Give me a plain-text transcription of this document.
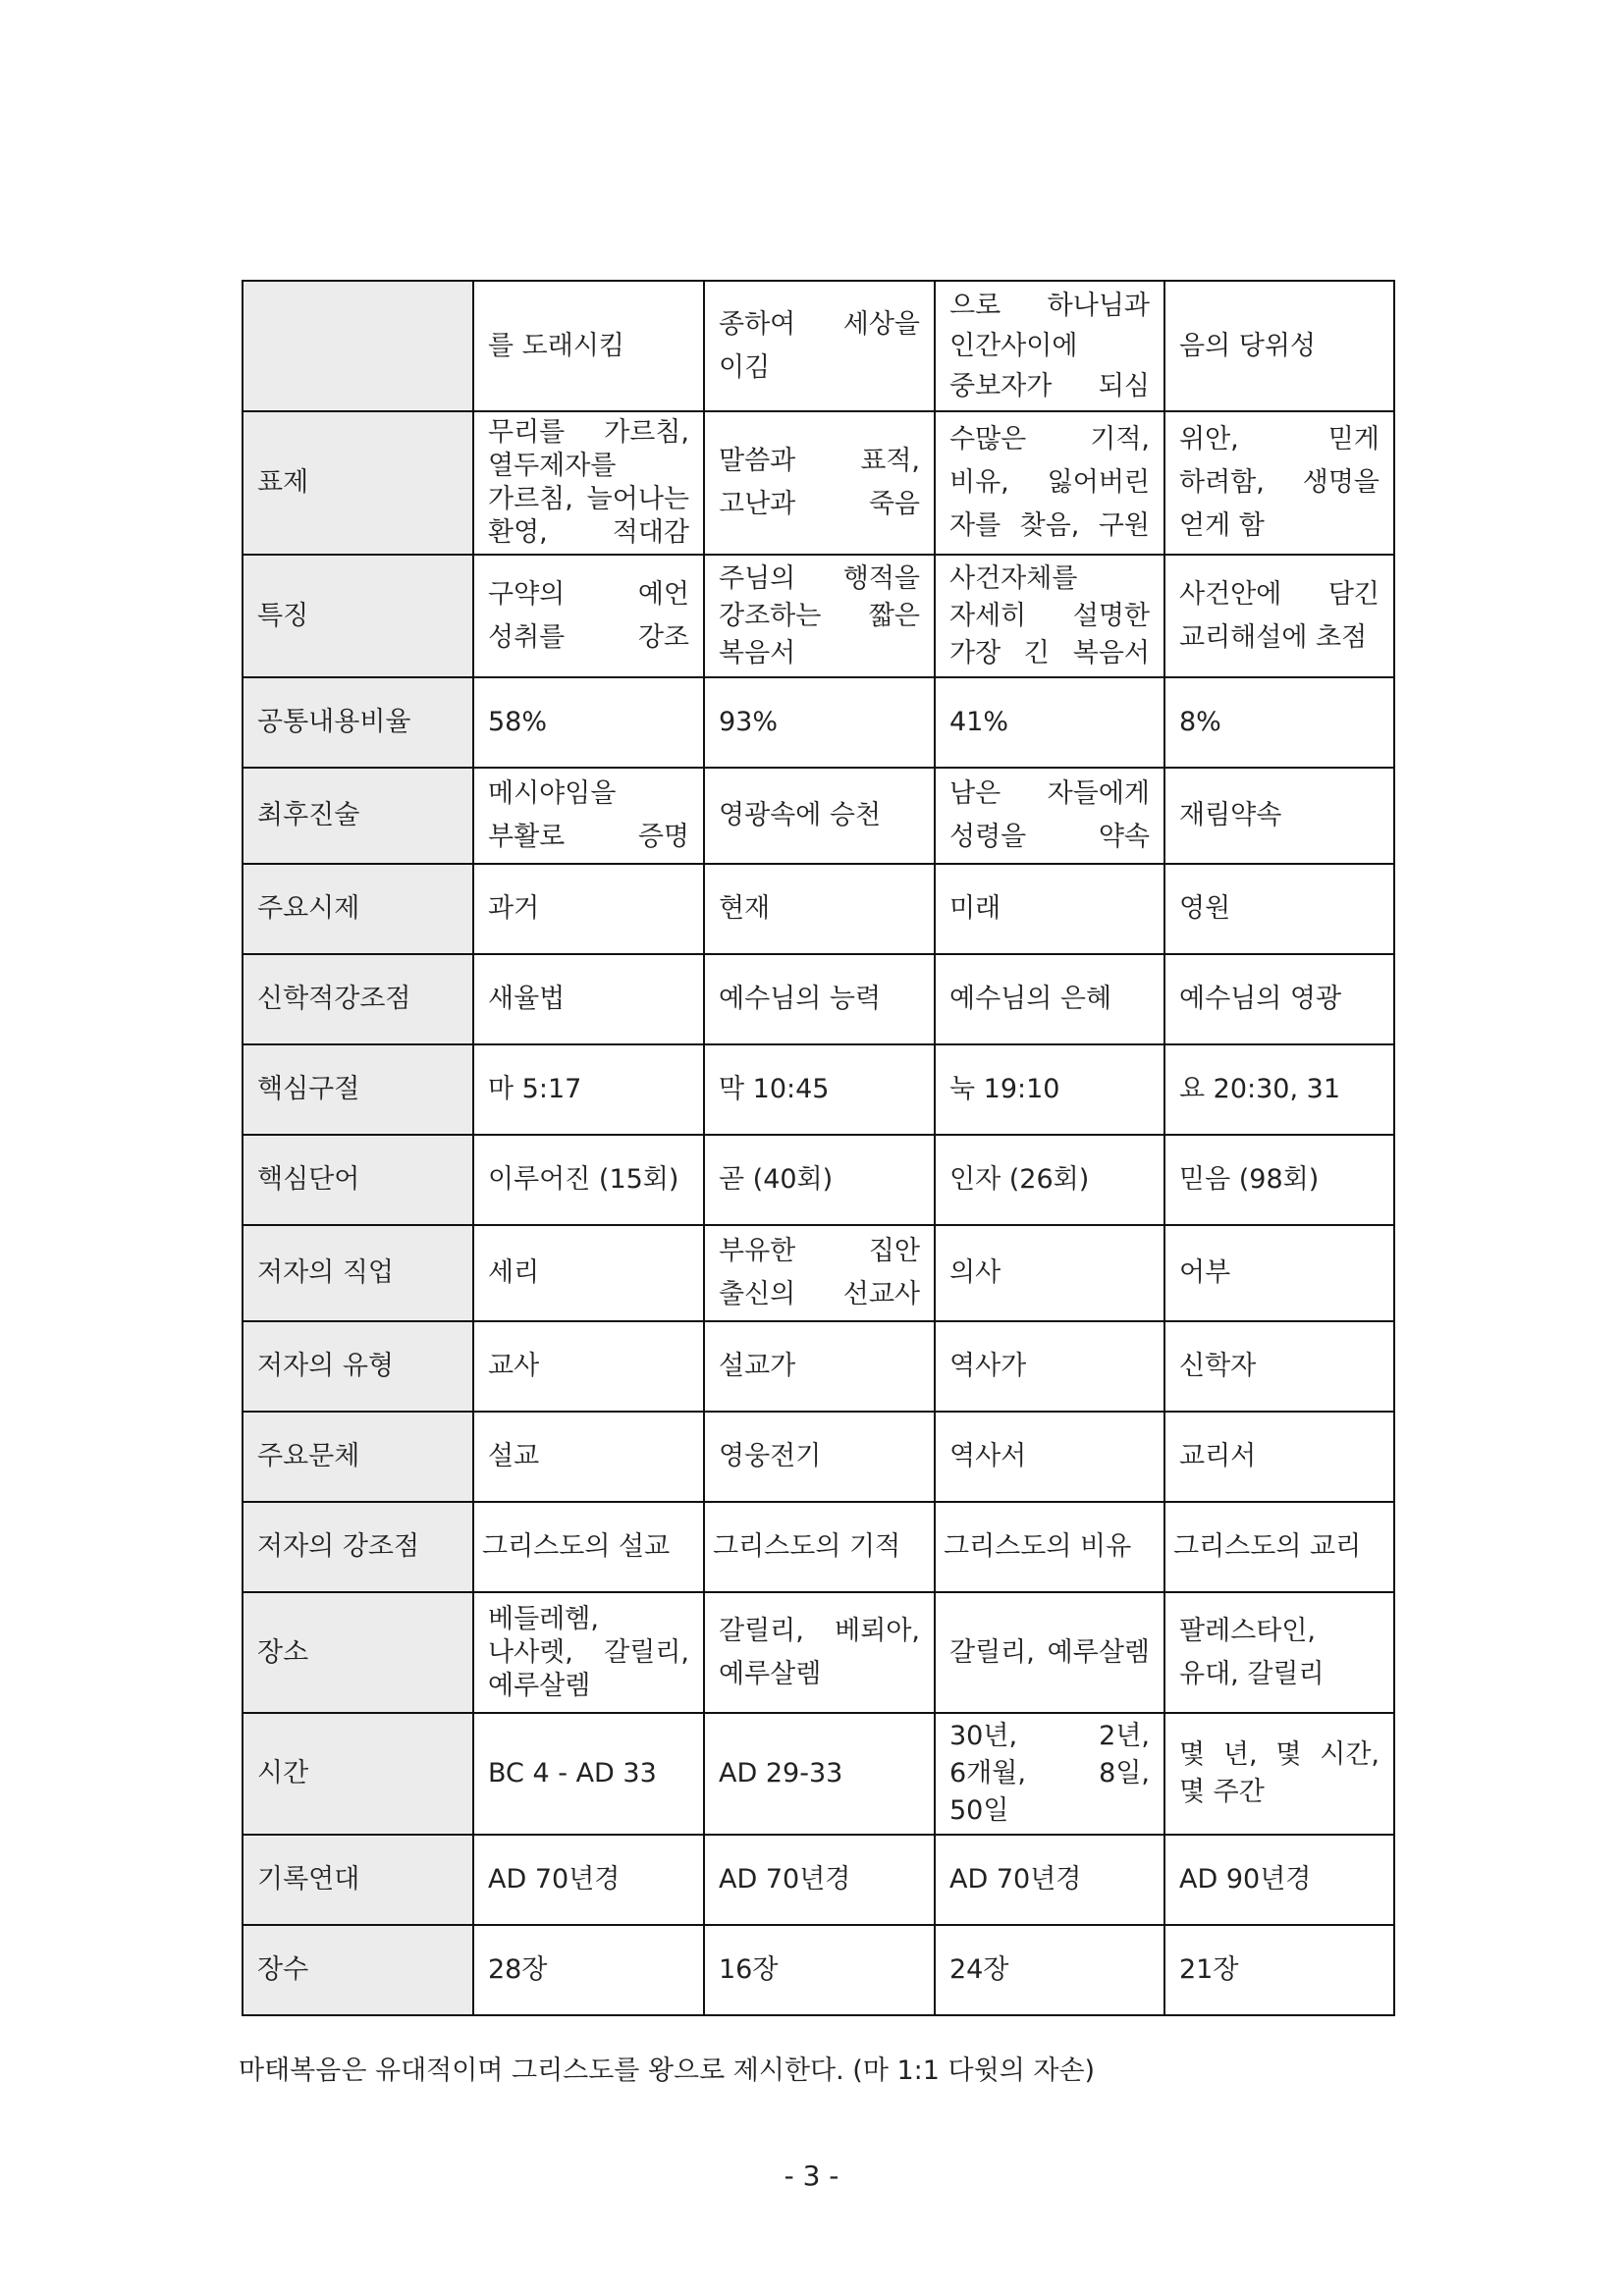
	를 도래시킴	종하여 세상을 이김	으로 하나님과 인간사이에 중보자가 되심	음의 당위성
표제	무리를 가르침, 열두제자를 가르침, 늘어나는 환영, 적대감	말씀과 표적, 고난과 죽음	수많은 기적, 비유, 잃어버린 자를 찾음, 구원	위안, 믿게 하려함, 생명을 얻게 함
특징	구약의 예언 성취를 강조	주님의 행적을 강조하는 짧은 복음서	사건자체를 자세히 설명한 가장 긴 복음서	사건안에 담긴 교리해설에 초점
공통내용비율	58%	93%	41%	8%
최후진술	메시야임을 부활로 증명	영광속에 승천	남은 자들에게 성령을 약속	재림약속
주요시제	과거	현재	미래	영원
신학적강조점	새율법	예수님의 능력	예수님의 은혜	예수님의 영광
핵심구절	마 5:17	막 10:45	눅 19:10	요 20:30, 31
핵심단어	이루어진 (15회)	곧 (40회)	인자 (26회)	믿음 (98회)
저자의 직업	세리	부유한 집안 출신의 선교사	의사	어부
저자의 유형	교사	설교가	역사가	신학자
주요문체	설교	영웅전기	역사서	교리서
저자의 강조점	그리스도의 설교	그리스도의 기적	그리스도의 비유	그리스도의 교리
장소	베들레헴, 나사렛, 갈릴리, 예루살렘	갈릴리, 베뢰아, 예루살렘	갈릴리, 예루살렘	팔레스타인, 유대, 갈릴리
시간	BC 4 - AD 33	AD 29-33	30년, 2년, 6개월, 8일, 50일	몇 년, 몇 시간, 몇 주간
기록연대	AD 70년경	AD 70년경	AD 70년경	AD 90년경
장수	28장	16장	24장	21장

마태복음은 유대적이며 그리스도를 왕으로 제시한다. (마 1:1 다윗의 자손)

- 3 -
